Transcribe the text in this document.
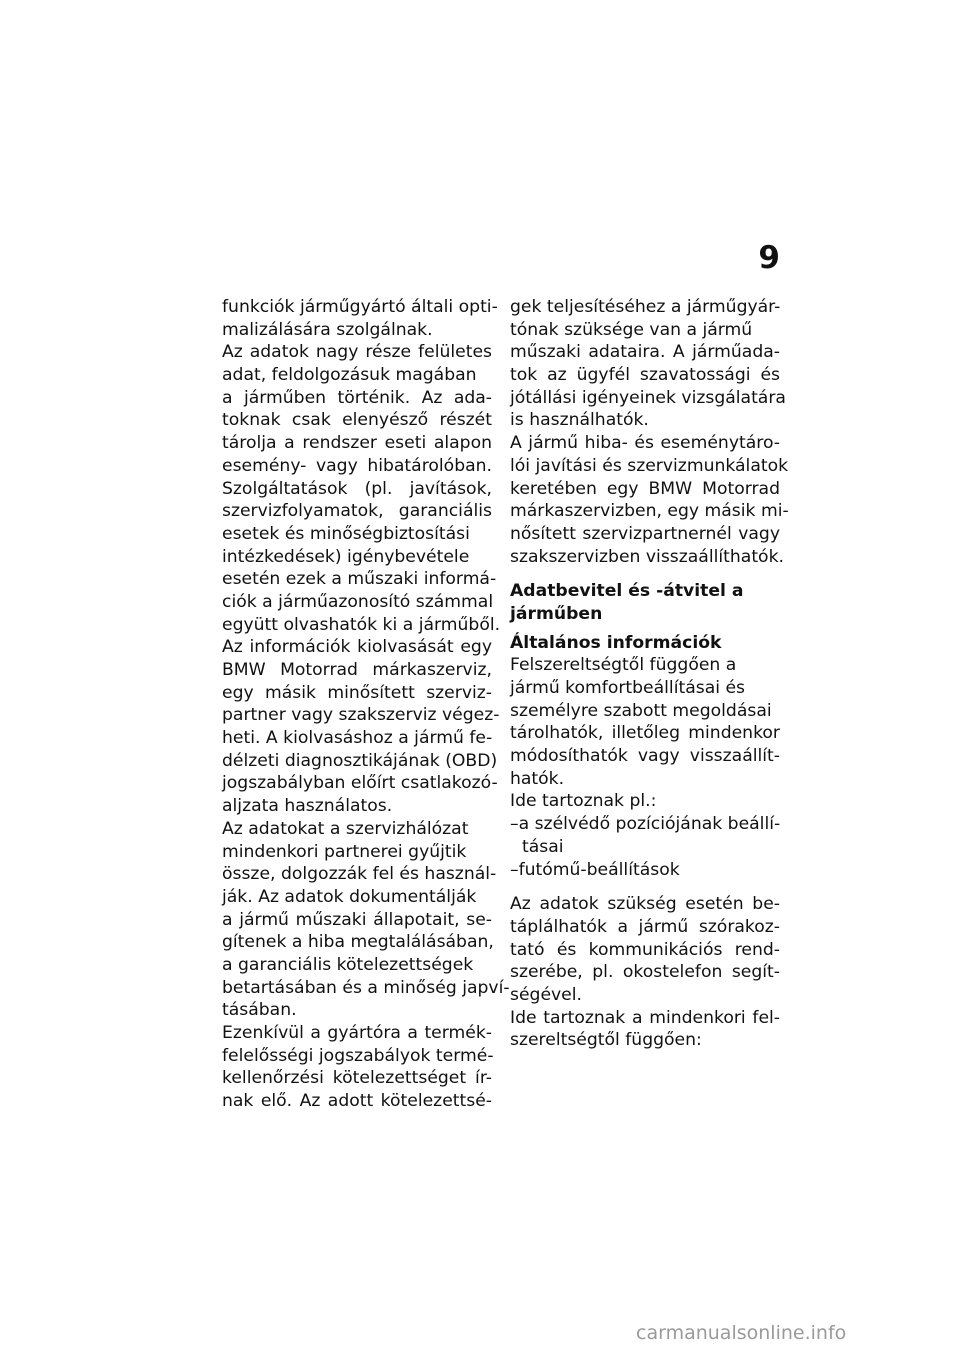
9
funkciók járműgyártó általi opti-
malizálására szolgálnak.
Az adatok nagy része felületes
adat, feldolgozásuk magában
a járműben történik. Az ada-
toknak csak elenyésző részét
tárolja a rendszer eseti alapon
esemény- vagy hibatárolóban.
Szolgáltatások (pl. javítások,
szervizfolyamatok, garanciális
esetek és minőségbiztosítási
intézkedések) igénybevétele
esetén ezek a műszaki informá-
ciók a járműazonosító számmal
együtt olvashatók ki a járműből.
Az információk kiolvasását egy
BMW Motorrad márkaszerviz,
egy másik minősített szerviz-
partner vagy szakszerviz végez-
heti. A kiolvasáshoz a jármű fe-
délzeti diagnosztikájának (OBD)
jogszabályban előírt csatlakozó-
aljzata használatos.
Az adatokat a szervizhálózat
mindenkori partnerei gyűjtik
össze, dolgozzák fel és használ-
ják. Az adatok dokumentálják
a jármű műszaki állapotait, se-
gítenek a hiba megtalálásában,
a garanciális kötelezettségek
betartásában és a minőség japví-
tásában.
Ezenkívül a gyártóra a termék-
felelősségi jogszabályok termé-
kellenőrzési kötelezettséget ír-
nak elő. Az adott kötelezettsé-
gek teljesítéséhez a járműgyár-
tónak szüksége van a jármű
műszaki adataira. A járműada-
tok az ügyfél szavatossági és
jótállási igényeinek vizsgálatára
is használhatók.
A jármű hiba- és eseménytáro-
lói javítási és szervizmunkálatok
keretében egy BMW Motorrad
márkaszervizben, egy másik mi-
nősített szervizpartnernél vagy
szakszervizben visszaállíthatók.
Adatbevitel és -átvitel a
járműben
Általános információk
Felszereltségtől függően a
jármű komfortbeállításai és
személyre szabott megoldásai
tárolhatók, illetőleg mindenkor
módosíthatók vagy visszaállít-
hatók.
Ide tartoznak pl.:
–a szélvédő pozíciójának beállí-
tásai
–futómű-beállítások
Az adatok szükség esetén be-
táplálhatók a jármű szórakoz-
tató és kommunikációs rend-
szerébe, pl. okostelefon segít-
ségével.
Ide tartoznak a mindenkori fel-
szereltségtől függően:
carmanualsonline.info
